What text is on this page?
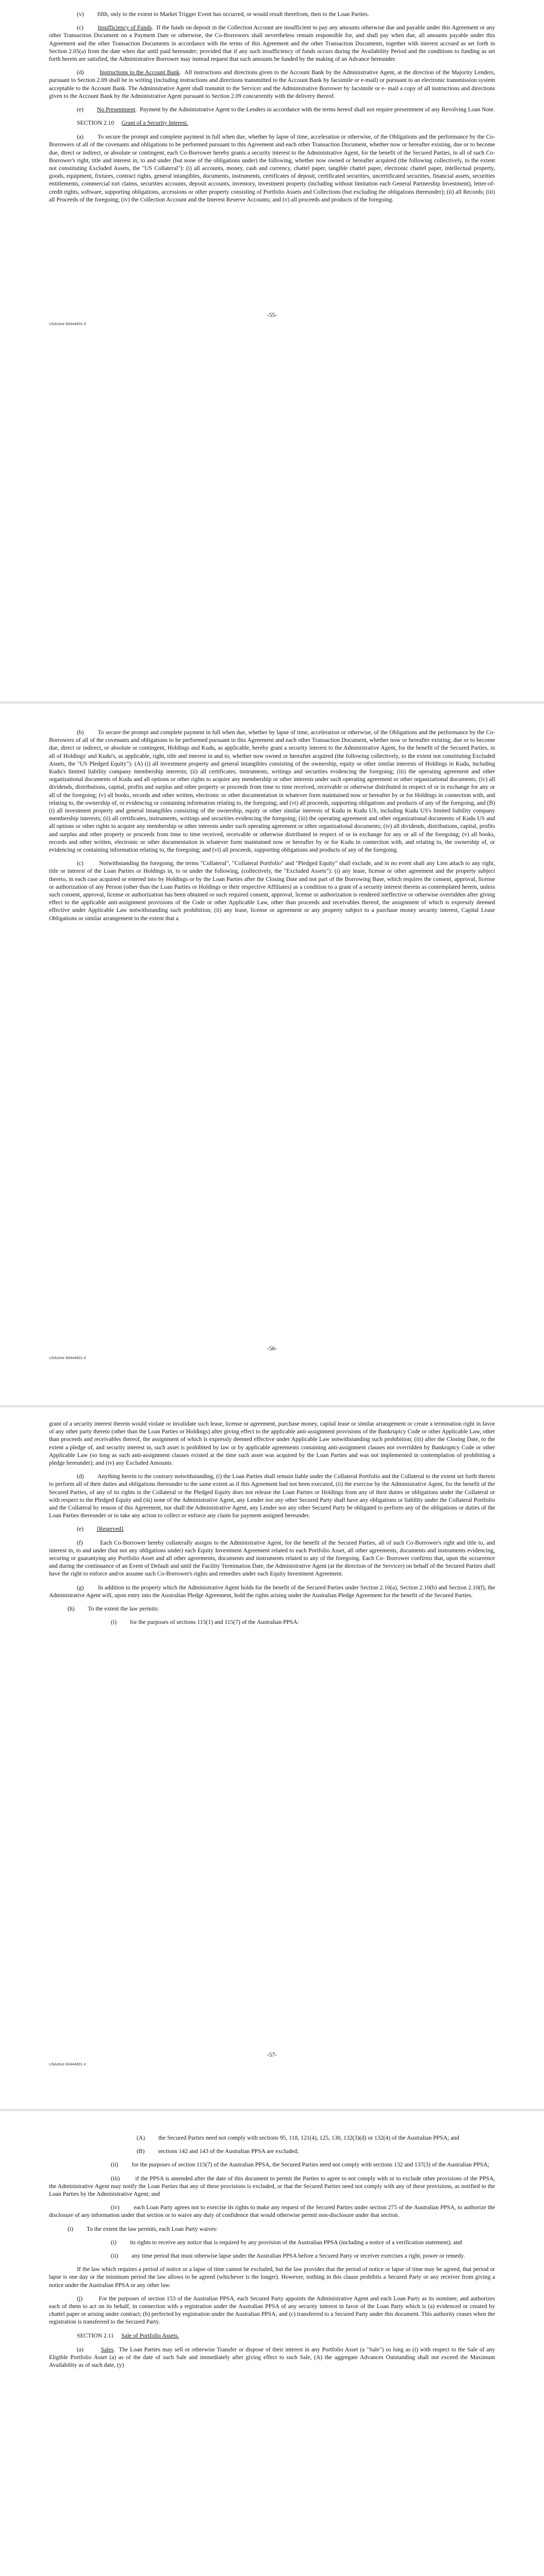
(v) fifth, only to the extent to Market Trigger Event has occurred, or would result therefrom, then to the Loan Parties.

(c) Insufficiency of Funds.  If the funds on deposit in the Collection Account are insufficient to pay any amounts otherwise due and payable under this Agreement or any other Transaction Document on a Payment Date or otherwise, the Co-Borrowers shall nevertheless remain responsible for, and shall pay when due, all amounts payable under this Agreement and the other Transaction Documents in accordance with the terms of this Agreement and the other Transaction Documents, together with interest accrued as set forth in Section 2.05(a) from the date when due until paid hereunder; provided that if any such insufficiency of funds occurs during the Availability Period and the conditions to funding as set forth herein are satisfied, the Administrative Borrower may instead request that such amounts be funded by the making of an Advance hereunder.

(d)	Instructions to the Account Bank.  All instructions and directions given to the Account Bank by the Administrative Agent, at the direction of the Majority Lenders, pursuant to Section 2.09 shall be in writing (including instructions and directions transmitted to the Account Bank by facsimile or e-mail) or pursuant to an electronic transmission system acceptable to the Account Bank. The Administrative Agent shall transmit to the Servicer and the Administrative Borrower by facsimile or e- mail a copy of all instructions and directions given to the Account Bank by the Administrative Agent pursuant to Section 2.09 concurrently with the delivery thereof.

(e) No Presentment.  Payment by the Administrative Agent to the Lenders in accordance with the terms hereof shall not require presentment of any Revolving Loan Note.

SECTION 2.10 Grant of a Security Interest.

(a) To secure the prompt and complete payment in full when due, whether by lapse of time, acceleration or otherwise, of the Obligations and the performance by the Co-Borrowers of all of the covenants and obligations to be performed pursuant to this Agreement and each other Transaction Document, whether now or hereafter existing, due or to become due, direct or indirect, or absolute or contingent, each Co-Borrower hereby grants a security interest to the Administrative Agent, for the benefit of the Secured Parties, in all of such Co-Borrower's right, title and interest in, to and under (but none of the obligations under) the following, whether now owned or hereafter acquired (the following collectively, to the extent not constituting Excluded Assets, the "US Collateral"): (i) all accounts, money, cash and currency, chattel paper, tangible chattel paper, electronic chattel paper, intellectual property, goods, equipment, fixtures, contract rights, general intangibles, documents, instruments, certificates of deposit, certificated securities, uncertificated securities, financial assets, securities entitlements, commercial tort claims, securities accounts, deposit accounts, inventory, investment property (including without limitation each General Partnership Investment), letter-of-credit rights, software, supporting obligations, accessions or other property consisting of Portfolio Assets and Collections (but excluding the obligations thereunder); (ii) all Records; (iii) all Proceeds of the foregoing; (iv) the Collection Account and the Interest Reserve Accounts; and (v) all proceeds and products of the foregoing.

-55-
USActive 60444801.4

(b) To secure the prompt and complete payment in full when due, whether by lapse of time, acceleration or otherwise, of the Obligations and the performance by the Co-Borrowers of all of the covenants and obligations to be performed pursuant to this Agreement and each other Transaction Document, whether now or hereafter existing, due or to become due, direct or indirect, or absolute or contingent, Holdings and Kudu, as applicable, hereby grant a security interest to the Administrative Agent, for the benefit of the Secured Parties, in all of Holdings' and Kudu's, as applicable, right, title and interest in and to, whether now owned or hereafter acquired (the following collectively, to the extent not constituting Excluded Assets, the "US Pledged Equity"): (A) (i) all investment property and general intangibles consisting of the ownership, equity or other similar interests of Holdings in Kudu, including Kudu's limited liability company membership interests; (ii) all certificates, instruments, writings and securities evidencing the foregoing; (iii) the operating agreement and other organizational documents of Kudu and all options or other rights to acquire any membership or other interests under such operating agreement or other organizational documents; (iv) all dividends, distributions, capital, profits and surplus and other property or proceeds from time to time received, receivable or otherwise distributed in respect of or in exchange for any or all of the foregoing; (v) all books, records and other written, electronic or other documentation in whatever form maintained now or hereafter by or for Holdings in connection with, and relating to, the ownership of, or evidencing or containing information relating to, the foregoing; and (vi) all proceeds, supporting obligations and products of any of the foregoing, and (B) (i) all investment property and general intangibles consisting of the ownership, equity or other similar interests of Kudu in Kudu US, including Kudu US's limited liability company membership interests; (ii) all certificates, instruments, writings and securities evidencing the foregoing; (iii) the operating agreement and other organizational documents of Kudu US and all options or other rights to acquire any membership or other interests under such operating agreement or other organizational documents; (iv) all dividends, distributions, capital, profits and surplus and other property or proceeds from time to time received, receivable or otherwise distributed in respect of or in exchange for any or all of the foregoing; (v) all books, records and other written, electronic or other documentation in whatever form maintained now or hereafter by or for Kudu in connection with, and relating to, the ownership of, or evidencing or containing information relating to, the foregoing; and (vi) all proceeds, supporting obligations and products of any of the foregoing.

(c)	Notwithstanding the foregoing, the terms "Collateral", "Collateral Portfolio" and "Pledged Equity" shall exclude, and in no event shall any Lien attach to any right, title or interest of the Loan Parties or Holdings in, to or under the following, (collectively, the "Excluded Assets"): (i) any lease, license or other agreement and the property subject thereto, in each case acquired or entered into by Holdings or by the Loan Parties after the Closing Date and not part of the Borrowing Base, which requires the consent, approval, license or authorization of any Person (other than the Loan Parties or Holdings or their respective Affiliates) as a condition to a grant of a security interest therein as contemplated herein, unless such consent, approval, license or authorization has been obtained or such required consent, approval, license or authorization is rendered ineffective or otherwise overridden after giving effect to the applicable anti-assignment provisions of the Code or other Applicable Law, other than proceeds and receivables thereof, the assignment of which is expressly deemed effective under Applicable Law notwithstanding such prohibition; (ii) any lease, license or agreement or any property subject to a purchase money security interest, Capital Lease Obligations or similar arrangement to the extent that a

-56-
USActive 60444801.4

grant of a security interest therein would violate or invalidate such lease, license or agreement, purchase money, capital lease or similar arrangement or create a termination right in favor of any other party thereto (other than the Loan Parties or Holdings) after giving effect to the applicable anti-assignment provisions of the Bankruptcy Code or other Applicable Law, other than proceeds and receivables thereof, the assignment of which is expressly deemed effective under Applicable Law notwithstanding such prohibition; (iii) after the Closing Date, to the extent a pledge of, and security interest in, such asset is prohibited by law or by applicable agreements containing anti-assignment clauses not overridden by Bankruptcy Code or other Applicable Law (so long as such anti-assignment clauses existed at the time such asset was acquired by the Loan Parties and was not implemented in contemplation of prohibiting a pledge hereunder); and (iv) any Excluded Amounts.

(d) Anything herein to the contrary notwithstanding, (i) the Loan Parties shall remain liable under the Collateral Portfolio and the Collateral to the extent set forth therein to perform all of their duties and obligations thereunder to the same extent as if this Agreement had not been executed, (ii) the exercise by the Administrative Agent, for the benefit of the Secured Parties, of any of its rights in the Collateral or the Pledged Equity does not release the Loan Parties or Holdings from any of their duties or obligations under the Collateral or with respect to the Pledged Equity and (iii) none of the Administrative Agent, any Lender nor any other Secured Party shall have any obligations or liability under the Collateral Portfolio and the Collateral by reason of this Agreement, nor shall the Administrative Agent, any Lender nor any other Secured Party be obligated to perform any of the obligations or duties of the Loan Parties thereunder or to take any action to collect or enforce any claim for payment assigned hereunder.

(e) [Reserved].

(f)	Each Co-Borrower hereby collaterally assigns to the Administrative Agent, for the benefit of the Secured Parties, all of such Co-Borrower's right and title to, and interest in, to and under (but not any obligations under) each Equity Investment Agreement related to each Portfolio Asset, all other agreements, documents and instruments evidencing, securing or guarantying any Portfolio Asset and all other agreements, documents and instruments related to any of the foregoing. Each Co- Borrower confirms that, upon the occurrence and during the continuance of an Event of Default and until the Facility Termination Date, the Administrative Agent (at the direction of the Servicer) on behalf of the Secured Parties shall have the right to enforce and/or assume such Co-Borrower's rights and remedies under each Equity Investment Agreement.

(g) In addition to the property which the Administrative Agent holds for the benefit of the Secured Parties under Section 2.10(a), Section 2.10(b) and Section 2.10(f), the Administrative Agent will, upon entry into the Australian Pledge Agreement, hold the rights arising under the Australian Pledge Agreement for the benefit of the Secured Parties.

(h) To the extent the law permits:

(i) for the purposes of sections 115(1) and 115(7) of the Australian PPSA:

-57-
USActive 60444801.4

(A) the Secured Parties need not comply with sections 95, 118, 121(4), 125, 130, 132(3)(d) or 132(4) of the Australian PPSA; and

(B) sections 142 and 143 of the Australian PPSA are excluded;

(ii) for the purposes of section 115(7) of the Australian PPSA, the Secured Parties need not comply with sections 132 and 137(3) of the Australian PPSA;

(iii)	if the PPSA is amended after the date of this document to permit the Parties to agree to not comply with or to exclude other provisions of the PPSA, the Administrative Agent may notify the Loan Parties that any of these provisions is excluded, or that the Secured Parties need not comply with any of these provisions, as notified to the Loan Parties by the Administrative Agent; and

(iv) each Loan Party agrees not to exercise its rights to make any request of the Secured Parties under section 275 of the Australian PPSA, to authorize the disclosure of any information under that section or to waive any duty of confidence that would otherwise permit non-disclosure under that section.

(i) To the extent the law permits, each Loan Party waives:

(i) its rights to receive any notice that is required by any provision of the Australian PPSA (including a notice of a verification statement); and

(ii) any time period that must otherwise lapse under the Australian PPSA before a Secured Party or receiver exercises a right, power or remedy.

If the law which requires a period of notice or a lapse of time cannot be excluded, but the law provides that the period of notice or lapse of time may be agreed, that period or lapse is one day or the minimum period the law allows to be agreed (whichever is the longer). However, nothing in this clause prohibits a Secured Party or any receiver from giving a notice under the Australian PPSA or any other law.

(j)	For the purposes of section 153 of the Australian PPSA, each Secured Party appoints the Administrative Agent and each Loan Party as its nominee, and authorizes each of them to act on its behalf, in connection with a registration under the Australian PPSA of any security interest in favor of the Loan Party which is (a) evidenced or created by chattel paper or arising under contract; (b) perfected by registration under the Australian PPSA; and (c) transferred to a Secured Party under this document. This authority ceases when the registration is transferred to the Secured Party.

SECTION 2.11 Sale of Portfolio Assets.

(a)	Sales.  The Loan Parties may sell or otherwise Transfer or dispose of their interest in any Portfolio Asset (a "Sale") so long as (i) with respect to the Sale of any Eligible Portfolio Asset (a) as of the date of such Sale and immediately after giving effect to such Sale, (A) the aggregate Advances Outstanding shall not exceed the Maximum Availability as of such date, (y)
